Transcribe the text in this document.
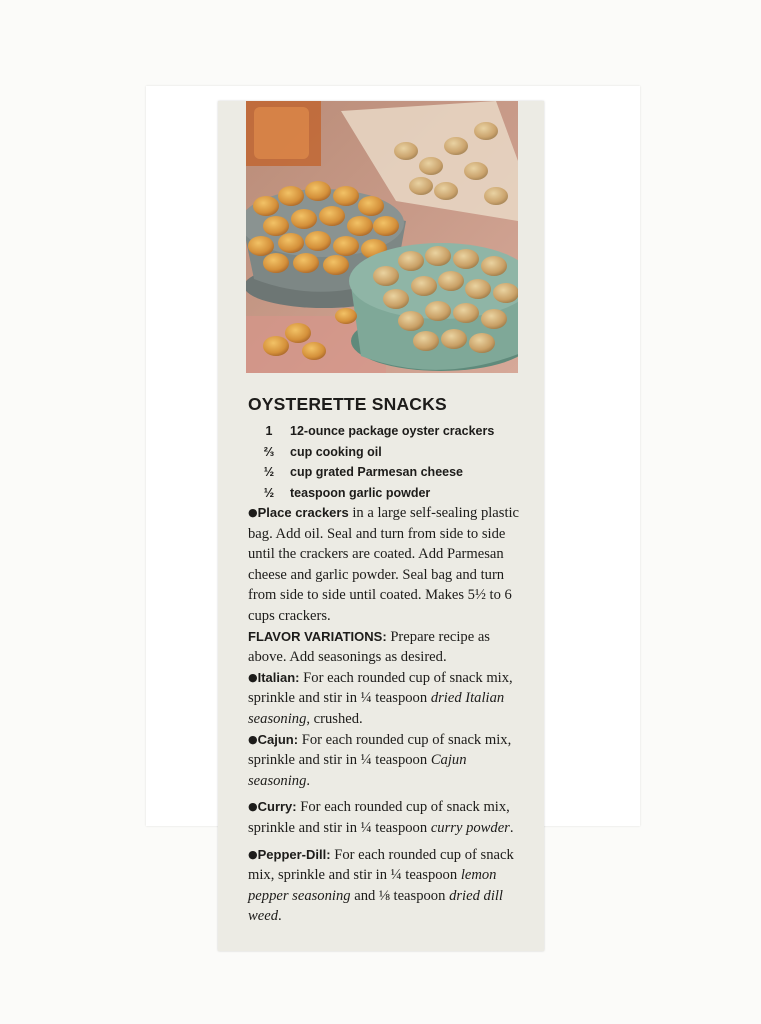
OYSTERETTE SNACKS
1	12-ounce package oyster crackers
⅔	cup cooking oil
½	cup grated Parmesan cheese
½	teaspoon garlic powder

●Place crackers in a large self-sealing plastic bag. Add oil. Seal and turn from side to side until the crackers are coated. Add Parmesan cheese and garlic powder. Seal bag and turn from side to side until coated. Makes 5½ to 6 cups crackers.

FLAVOR VARIATIONS: Prepare recipe as above. Add seasonings as desired.

●Italian: For each rounded cup of snack mix, sprinkle and stir in ¼ teaspoon dried Italian seasoning, crushed.

●Cajun: For each rounded cup of snack mix, sprinkle and stir in ¼ teaspoon Cajun seasoning.

●Curry: For each rounded cup of snack mix, sprinkle and stir in ¼ teaspoon curry powder.

●Pepper-Dill: For each rounded cup of snack mix, sprinkle and stir in ¼ teaspoon lemon pepper seasoning and ⅛ teaspoon dried dill weed.
